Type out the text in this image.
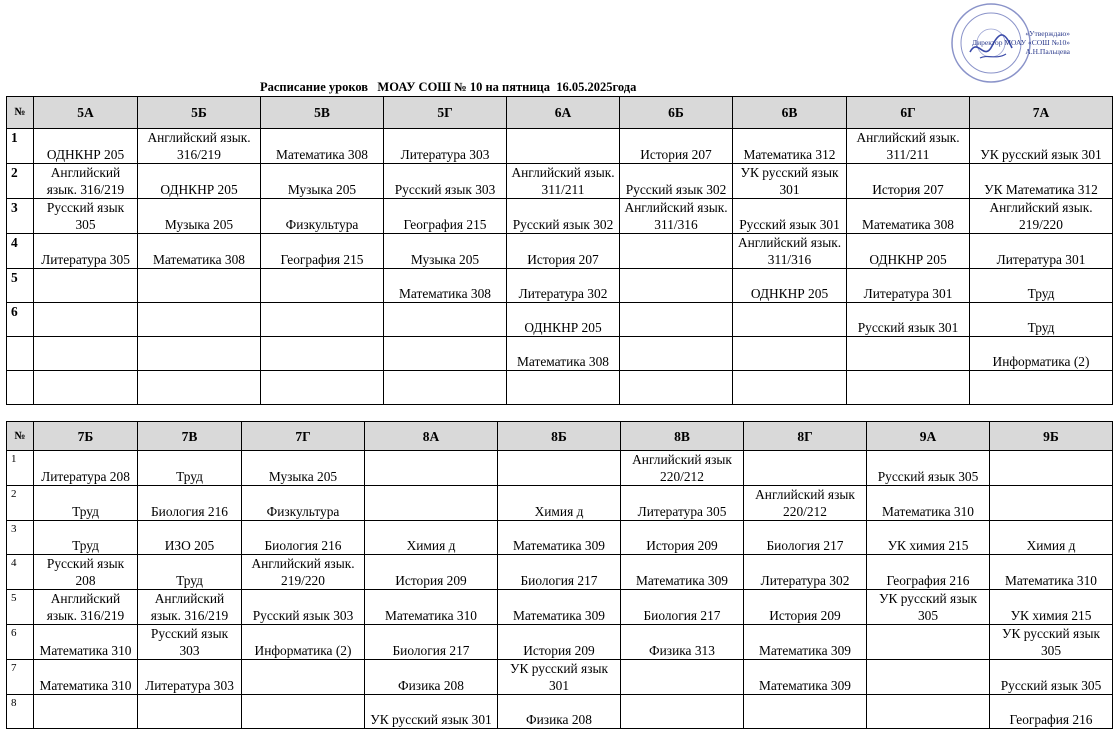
«Утверждаю»
Директор МОАУ «СОШ №10»
А.Н.Пальцева
Расписание уроков   МОАУ СОШ № 10 на пятница  16.05.2025года
№	5А	5Б	5В	5Г	6А	6Б	6В	6Г	7А
1	ОДНКНР 205	Английский язык. 316/219	Математика 308	Литература 303		История 207	Математика 312	Английский язык. 311/211	УК русский язык 301
2	Английский язык. 316/219	ОДНКНР 205	Музыка 205	Русский язык 303	Английский язык. 311/211	Русский язык 302	УК русский язык 301	История 207	УК Математика 312
3	Русский язык 305	Музыка 205	Физкультура	География 215	Русский язык 302	Английский язык. 311/316	Русский язык 301	Математика 308	Английский язык. 219/220
4	Литература 305	Математика 308	География 215	Музыка 205	История 207		Английский язык. 311/316	ОДНКНР 205	Литература 301
5				Математика 308	Литература 302		ОДНКНР 205	Литература 301	Труд
6					ОДНКНР 205			Русский язык 301	Труд
					Математика 308				Информатика (2)

№	7Б	7В	7Г	8А	8Б	8В	8Г	9А	9Б
1	Литература 208	Труд	Музыка 205			Английский язык 220/212		Русский язык 305	
2	Труд	Биология 216	Физкультура		Химия д	Литература 305	Английский язык 220/212	Математика 310	
3	Труд	ИЗО 205	Биология 216	Химия д	Математика 309	История 209	Биология 217	УК химия 215	Химия д
4	Русский язык 208	Труд	Английский язык. 219/220	История 209	Биология 217	Математика 309	Литература 302	География 216	Математика 310
5	Английский язык. 316/219	Английский язык. 316/219	Русский язык 303	Математика 310	Математика 309	Биология 217	История 209	УК русский язык 305	УК химия 215
6	Математика 310	Русский язык 303	Информатика (2)	Биология 217	История 209	Физика 313	Математика 309		УК русский язык 305
7	Математика 310	Литература 303		Физика 208	УК русский язык 301		Математика 309		Русский язык 305
8				УК русский язык 301	Физика 208				География 216
